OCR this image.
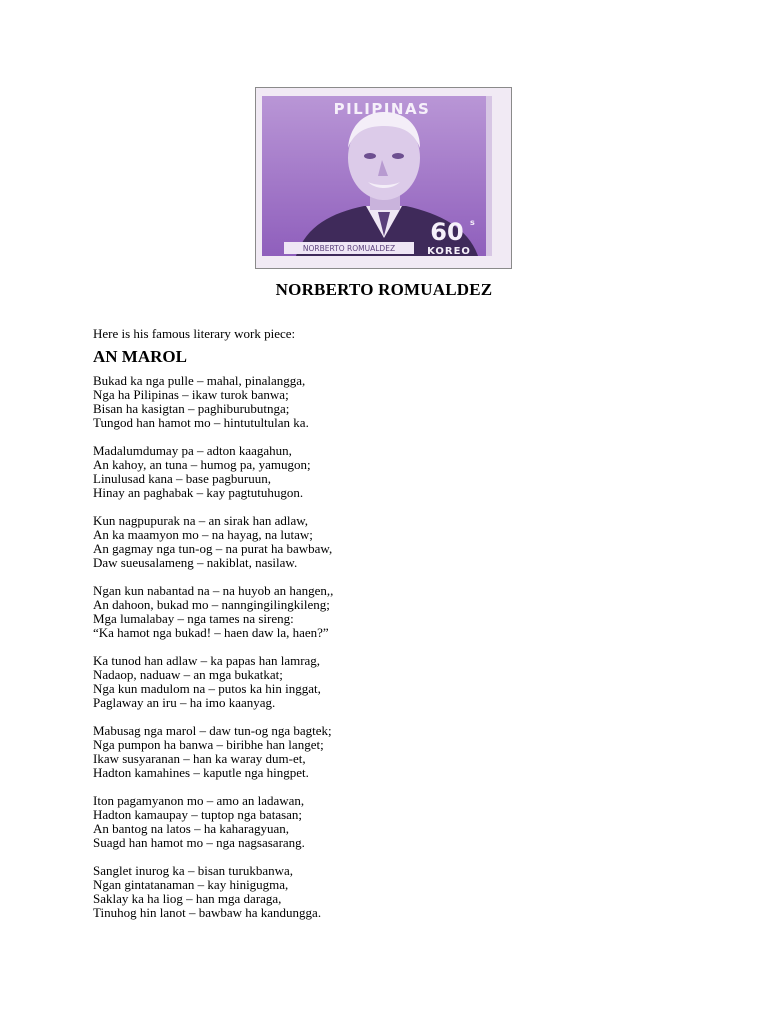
PILIPINAS
60 s
NORBERTO ROMUALDEZ	KOREO
NORBERTO ROMUALDEZ
Here is his famous literary work piece:
AN MAROL
Bukad ka nga pulle – mahal, pinalangga,
Nga ha Pilipinas – ikaw turok banwa;
Bisan ha kasigtan – paghiburubutnga;
Tungod han hamot mo – hintutultulan ka.
Madalumdumay pa – adton kaagahun,
An kahoy, an tuna – humog pa, yamugon;
Linulusad kana – base pagburuun,
Hinay an paghabak – kay pagtutuhugon.
Kun nagpupurak na – an sirak han adlaw,
An ka maamyon mo – na hayag, na lutaw;
An gagmay nga tun-og – na purat ha bawbaw,
Daw sueusalameng – nakiblat, nasilaw.
Ngan kun nabantad na – na huyob an hangen,,
An dahoon, bukad mo – nanngingilingkileng;
Mga lumalabay – nga tames na sireng:
“Ka hamot nga bukad! – haen daw la, haen?”
Ka tunod han adlaw – ka papas han lamrag,
Nadaop, naduaw – an mga bukatkat;
Nga kun madulom na – putos ka hin inggat,
Paglaway an iru – ha imo kaanyag.
Mabusag nga marol – daw tun-og nga bagtek;
Nga pumpon ha banwa – biribhe han langet;
Ikaw susyaranan – han ka waray dum-et,
Hadton kamahines – kaputle nga hingpet.
Iton pagamyanon mo – amo an ladawan,
Hadton kamaupay – tuptop nga batasan;
An bantog na latos – ha kaharagyuan,
Suagd han hamot mo – nga nagsasarang.
Sanglet inurog ka – bisan turukbanwa,
Ngan gintatanaman – kay hinigugma,
Saklay ka ha liog – han mga daraga,
Tinuhog hin lanot – bawbaw ha kandungga.
